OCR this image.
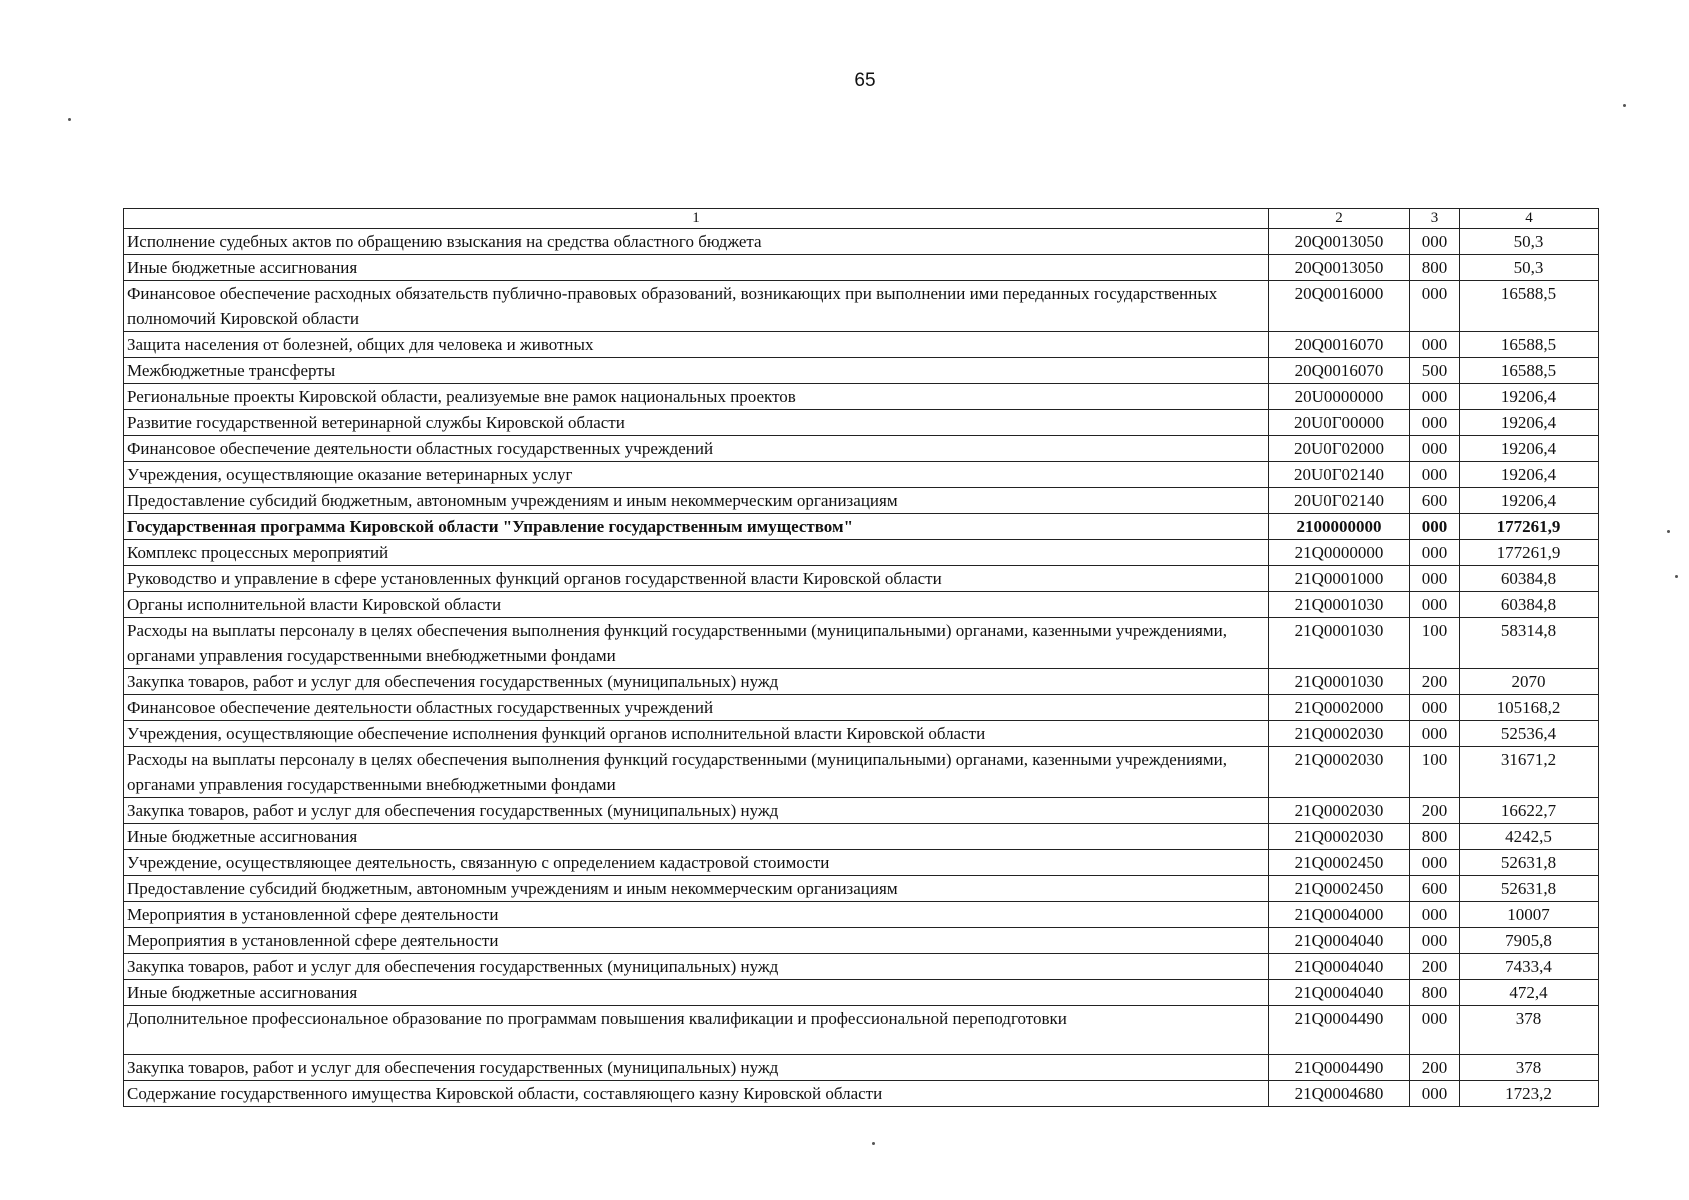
65
1	2	3	4
Исполнение судебных актов по обращению взыскания на средства областного бюджета	20Q0013050	000	50,3
Иные бюджетные ассигнования	20Q0013050	800	50,3
Финансовое обеспечение расходных обязательств публично-правовых образований, возникающих при выполнении ими переданных государственных полномочий Кировской области	20Q0016000	000	16588,5
Защита населения от болезней, общих для человека и животных	20Q0016070	000	16588,5
Межбюджетные трансферты	20Q0016070	500	16588,5
Региональные проекты Кировской области, реализуемые вне рамок национальных проектов	20U0000000	000	19206,4
Развитие государственной ветеринарной службы Кировской области	20U0Г00000	000	19206,4
Финансовое обеспечение деятельности областных государственных учреждений	20U0Г02000	000	19206,4
Учреждения, осуществляющие оказание ветеринарных услуг	20U0Г02140	000	19206,4
Предоставление субсидий бюджетным, автономным учреждениям и иным некоммерческим организациям	20U0Г02140	600	19206,4
Государственная программа Кировской области "Управление государственным имуществом"	2100000000	000	177261,9
Комплекс процессных мероприятий	21Q0000000	000	177261,9
Руководство и управление в сфере установленных функций органов государственной власти Кировской области	21Q0001000	000	60384,8
Органы исполнительной власти Кировской области	21Q0001030	000	60384,8
Расходы на выплаты персоналу в целях обеспечения выполнения функций государственными (муниципальными) органами, казенными учреждениями, органами управления государственными внебюджетными фондами	21Q0001030	100	58314,8
Закупка товаров, работ и услуг для обеспечения государственных (муниципальных) нужд	21Q0001030	200	2070
Финансовое обеспечение деятельности областных государственных учреждений	21Q0002000	000	105168,2
Учреждения, осуществляющие обеспечение исполнения функций органов исполнительной власти Кировской области	21Q0002030	000	52536,4
Расходы на выплаты персоналу в целях обеспечения выполнения функций государственными (муниципальными) органами, казенными учреждениями, органами управления государственными внебюджетными фондами	21Q0002030	100	31671,2
Закупка товаров, работ и услуг для обеспечения государственных (муниципальных) нужд	21Q0002030	200	16622,7
Иные бюджетные ассигнования	21Q0002030	800	4242,5
Учреждение, осуществляющее деятельность, связанную с определением кадастровой стоимости	21Q0002450	000	52631,8
Предоставление субсидий бюджетным, автономным учреждениям и иным некоммерческим организациям	21Q0002450	600	52631,8
Мероприятия в установленной сфере деятельности	21Q0004000	000	10007
Мероприятия в установленной сфере деятельности	21Q0004040	000	7905,8
Закупка товаров, работ и услуг для обеспечения государственных (муниципальных) нужд	21Q0004040	200	7433,4
Иные бюджетные ассигнования	21Q0004040	800	472,4
Дополнительное профессиональное образование по программам повышения квалификации и профессиональной переподготовки	21Q0004490	000	378
Закупка товаров, работ и услуг для обеспечения государственных (муниципальных) нужд	21Q0004490	200	378
Содержание государственного имущества Кировской области, составляющего казну Кировской области	21Q0004680	000	1723,2
